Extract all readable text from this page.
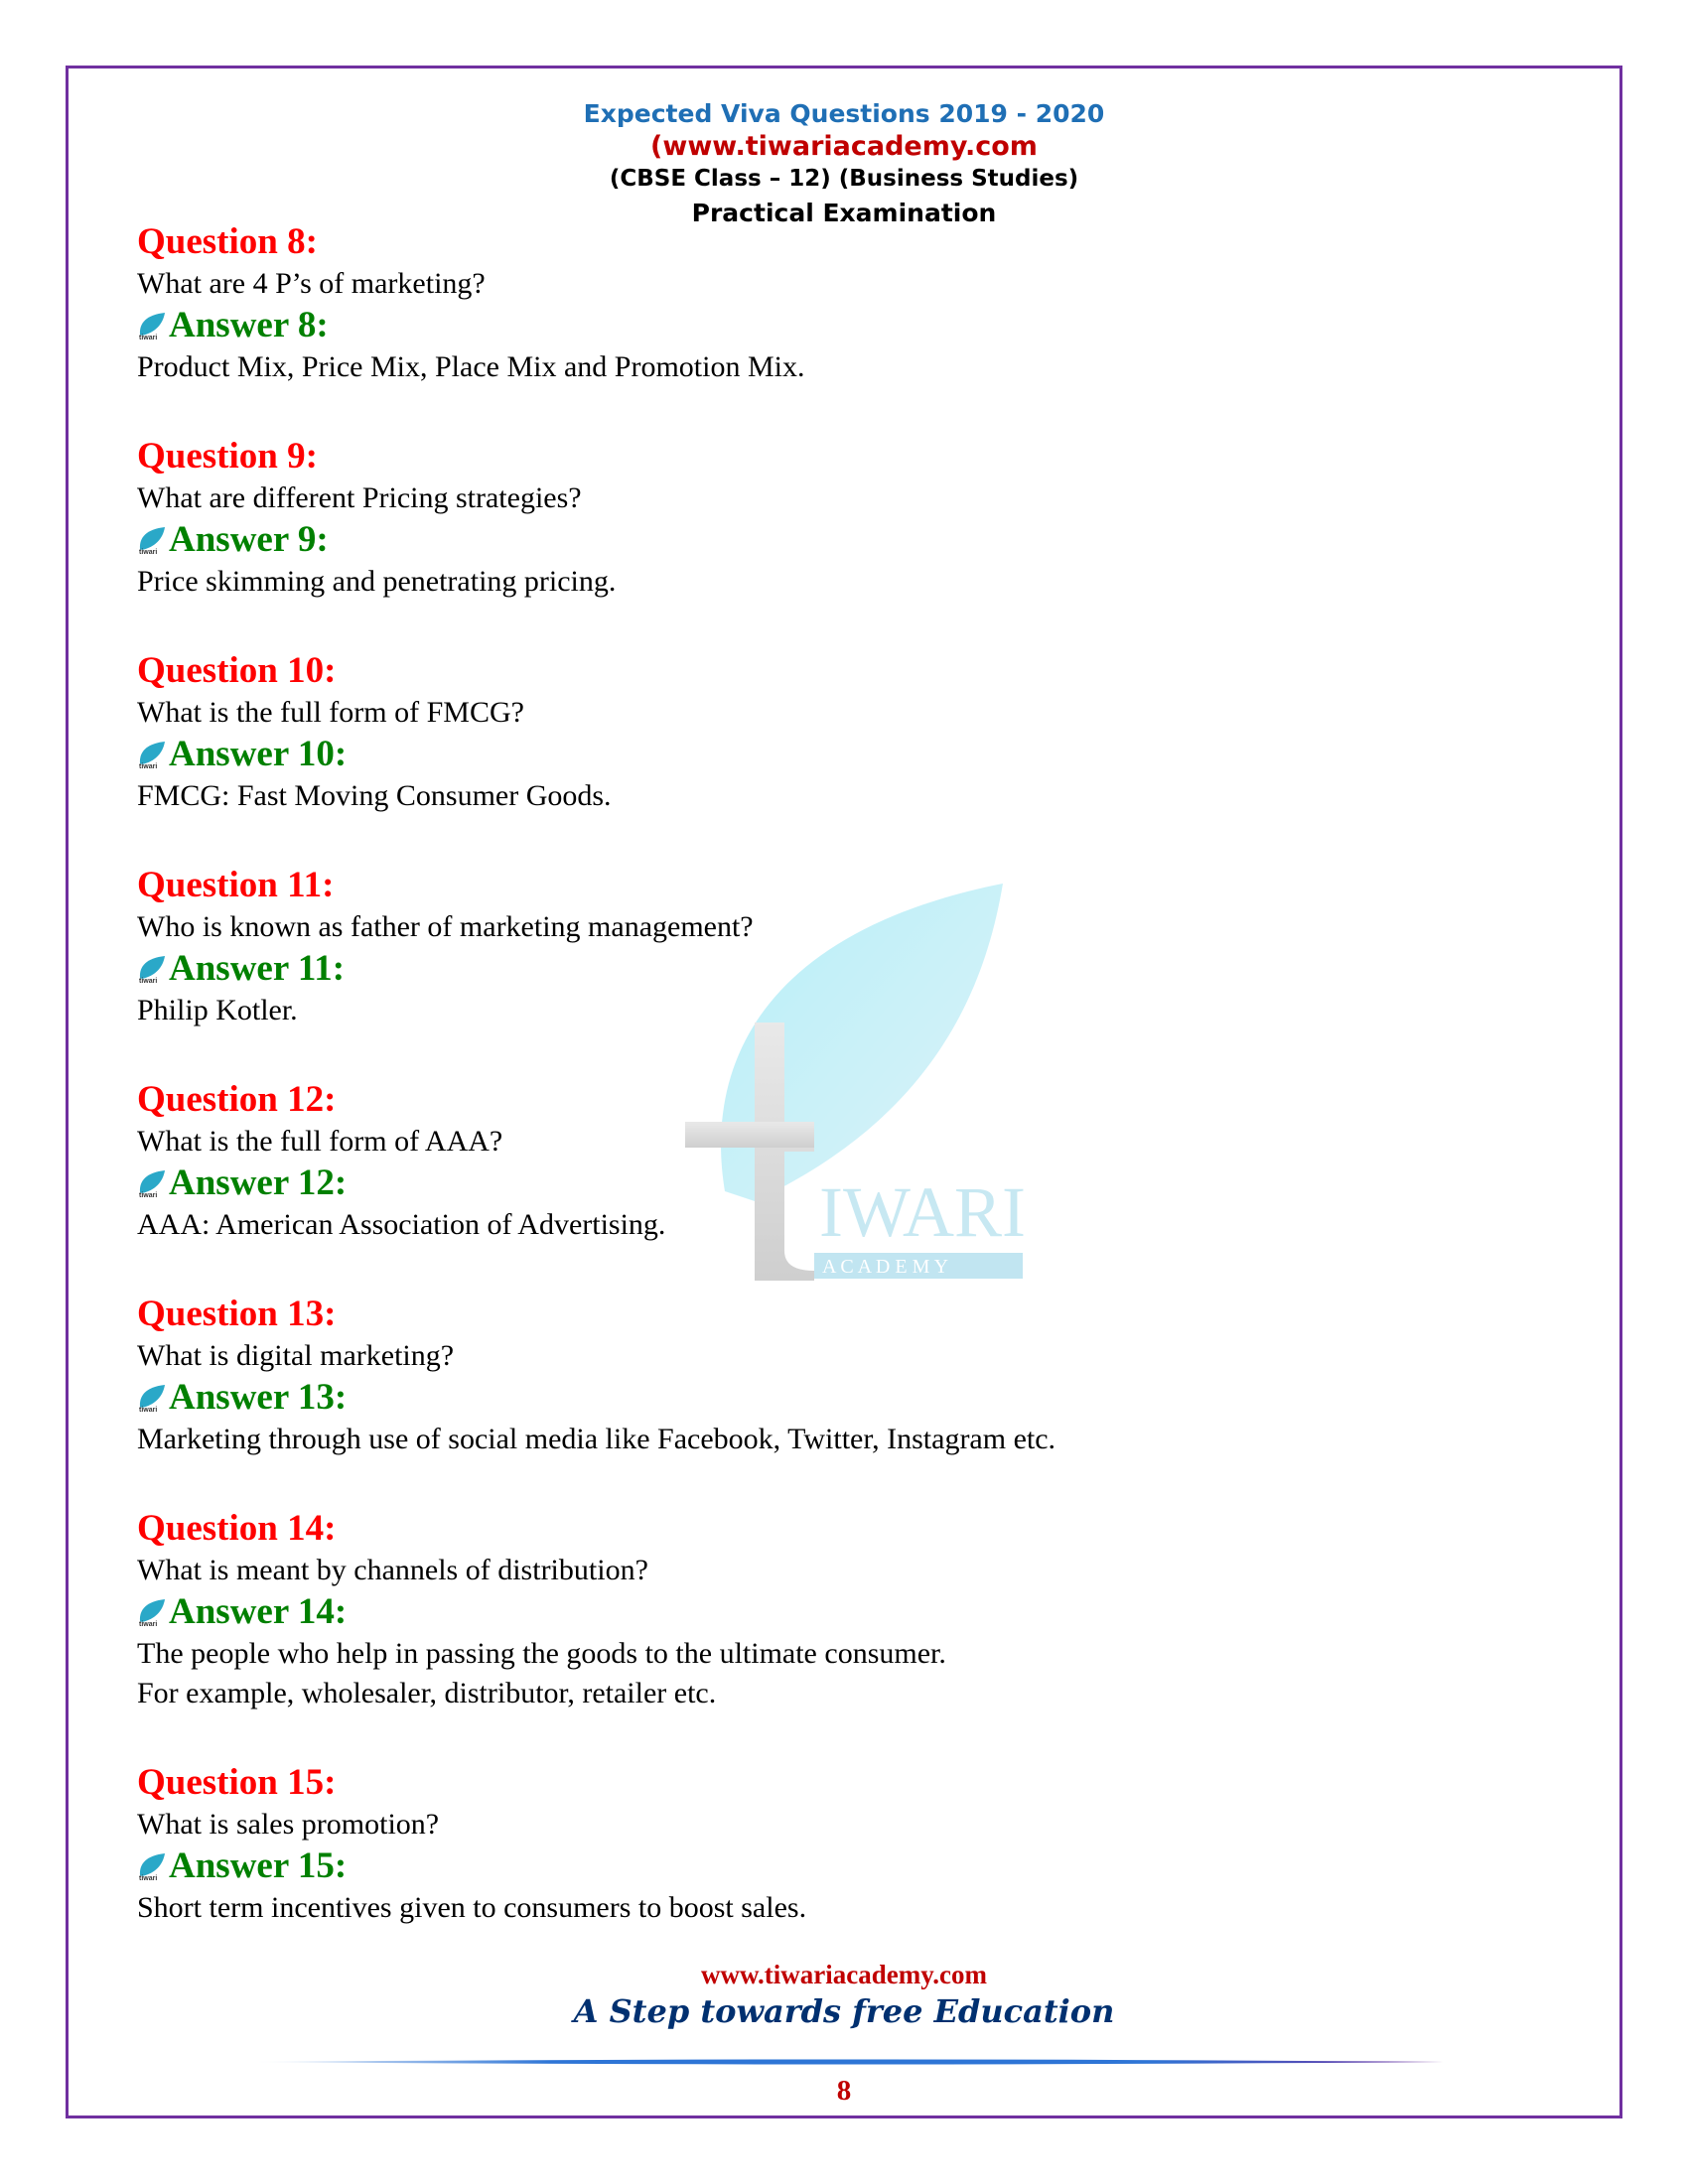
Expected Viva Questions 2019 - 2020
(www.tiwariacademy.com
(CBSE Class – 12) (Business Studies)
Practical Examination
IWARI
A C A D E M Y
Question 8:
What are 4 P’s of marketing?
tiwari Answer 8:
Product Mix, Price Mix, Place Mix and Promotion Mix.
Question 9:
What are different Pricing strategies?
tiwari Answer 9:
Price skimming and penetrating pricing.
Question 10:
What is the full form of FMCG?
tiwari Answer 10:
FMCG: Fast Moving Consumer Goods.
Question 11:
Who is known as father of marketing management?
tiwari Answer 11:
Philip Kotler.
Question 12:
What is the full form of AAA?
tiwari Answer 12:
AAA: American Association of Advertising.
Question 13:
What is digital marketing?
tiwari Answer 13:
Marketing through use of social media like Facebook, Twitter, Instagram etc.
Question 14:
What is meant by channels of distribution?
tiwari Answer 14:
The people who help in passing the goods to the ultimate consumer.
For example, wholesaler, distributor, retailer etc.
Question 15:
What is sales promotion?
tiwari Answer 15:
Short term incentives given to consumers to boost sales.
www.tiwariacademy.com
A Step towards free Education
8
